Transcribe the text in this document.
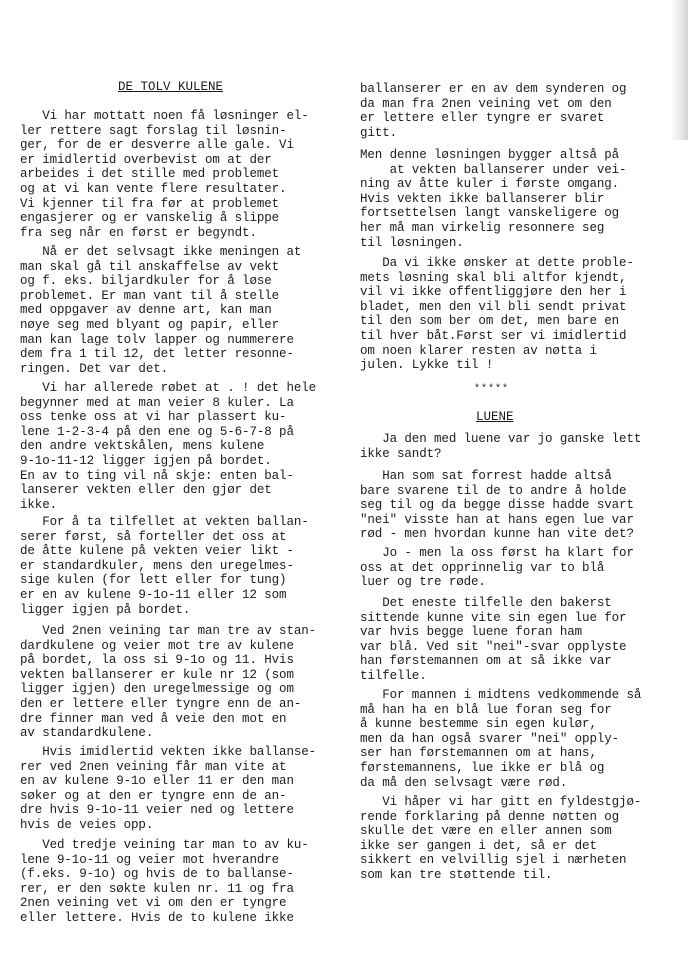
DE TOLV KULENE

Vi har mottatt noen få løsninger el-
ler rettere sagt forslag til løsnin-
ger, for de er desverre alle gale. Vi
er imidlertid overbevist om at der
arbeides i det stille med problemet
og at vi kan vente flere resultater.
Vi kjenner til fra før at problemet
engasjerer og er vanskelig å slippe
fra seg når en først er begyndt.

Nå er det selvsagt ikke meningen at
man skal gå til anskaffelse av vekt
og f. eks. biljardkuler for å løse
problemet. Er man vant til å stelle
med oppgaver av denne art, kan man
nøye seg med blyant og papir, eller
man kan lage tolv lapper og nummerere
dem fra 1 til 12, det letter resonne-
ringen. Det var det.

Vi har allerede røbet at . ! det hele
begynner med at man veier 8 kuler. La
oss tenke oss at vi har plassert ku-
lene 1-2-3-4 på den ene og 5-6-7-8 på
den andre vektskålen, mens kulene
9-1o-11-12 ligger igjen på bordet.
En av to ting vil nå skje: enten bal-
lanserer vekten eller den gjør det
ikke.

For å ta tilfellet at vekten ballan-
serer først, så forteller det oss at
de åtte kulene på vekten veier likt -
er standardkuler, mens den uregelmes-
sige kulen (for lett eller for tung)
er en av kulene 9-1o-11 eller 12 som
ligger igjen på bordet.

Ved 2nen veining tar man tre av stan-
dardkulene og veier mot tre av kulene
på bordet, la oss si 9-1o og 11. Hvis
vekten ballanserer er kule nr 12 (som
ligger igjen) den uregelmessige og om
den er lettere eller tyngre enn de an-
dre finner man ved å veie den mot en
av standardkulene.

Hvis imidlertid vekten ikke ballanse-
rer ved 2nen veining får man vite at
en av kulene 9-1o eller 11 er den man
søker og at den er tyngre enn de an-
dre hvis 9-1o-11 veier ned og lettere
hvis de veies opp.

Ved tredje veining tar man to av ku-
lene 9-1o-11 og veier mot hverandre
(f.eks. 9-1o) og hvis de to ballanse-
rer, er den søkte kulen nr. 11 og fra
2nen veining vet vi om den er tyngre
eller lettere. Hvis de to kulene ikke

ballanserer er en av dem synderen og
da man fra 2nen veining vet om den
er lettere eller tyngre er svaret
gitt.

Men denne løsningen bygger altså på
at vekten ballanserer under vei-
ning av åtte kuler i første omgang.
Hvis vekten ikke ballanserer blir
fortsettelsen langt vanskeligere og
her må man virkelig resonnere seg
til løsningen.

Da vi ikke ønsker at dette proble-
mets løsning skal bli altfor kjendt,
vil vi ikke offentliggjøre den her i
bladet, men den vil bli sendt privat
til den som ber om det, men bare en
til hver båt.Først ser vi imidlertid
om noen klarer resten av nøtta i
julen. Lykke til !

*****

LUENE

Ja den med luene var jo ganske lett
ikke sandt?

Han som sat forrest hadde altså
bare svarene til de to andre å holde
seg til og da begge disse hadde svart
"nei" visste han at hans egen lue var
rød - men hvordan kunne han vite det?

Jo - men la oss først ha klart for
oss at det opprinnelig var to blå
luer og tre røde.

Det eneste tilfelle den bakerst
sittende kunne vite sin egen lue for
var hvis begge luene foran ham
var blå. Ved sit "nei"-svar opplyste
han førstemannen om at så ikke var
tilfelle.

For mannen i midtens vedkommende så
må han ha en blå lue foran seg for
å kunne bestemme sin egen kulør,
men da han også svarer "nei" opply-
ser han førstemannen om at hans,
førstemannens, lue ikke er blå og
da må den selvsagt være rød.

Vi håper vi har gitt en fyldestgjø-
rende forklaring på denne nøtten og
skulle det være en eller annen som
ikke ser gangen i det, så er det
sikkert en velvillig sjel i nærheten
som kan tre støttende til.
